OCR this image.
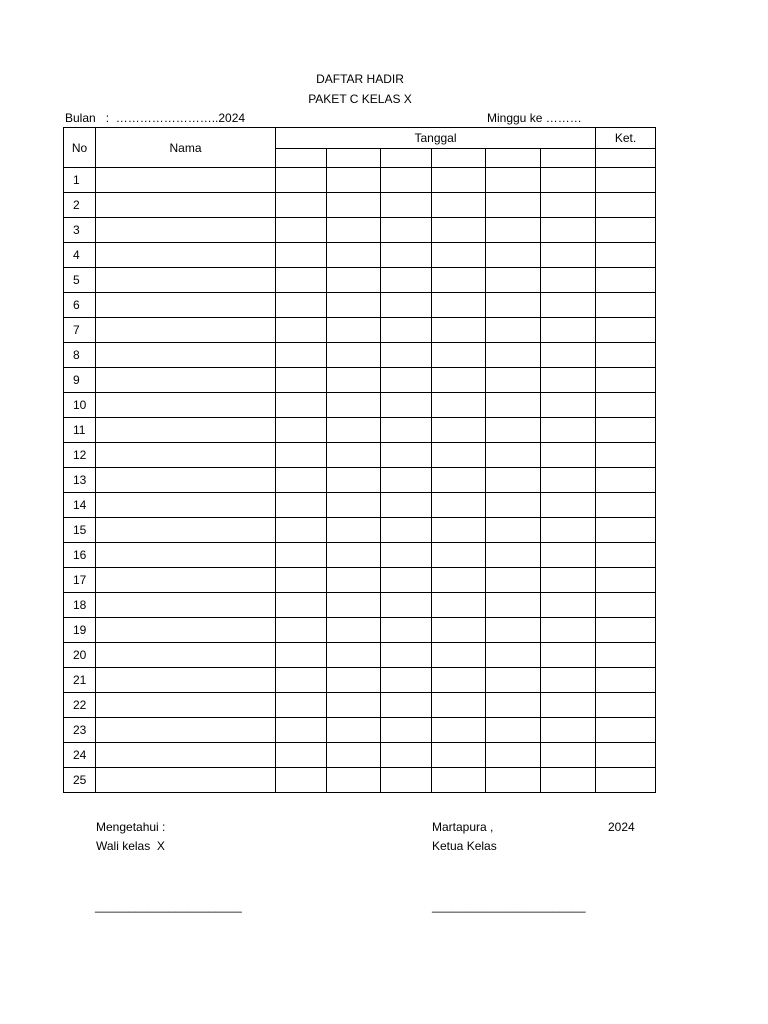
DAFTAR HADIR
PAKET C KELAS X
Bulan   :  ……………………..2024	Minggu ke ………
No	Nama	Tanggal						Ket.

1								
2								
3								
4								
5								
6								
7								
8								
9								
10								
11								
12								
13								
14								
15								
16								
17								
18								
19								
20								
21								
22								
23								
24								
25								
Mengetahui :
Wali kelas  X
Martapura ,	2024
Ketua Kelas
______________________	_______________________
